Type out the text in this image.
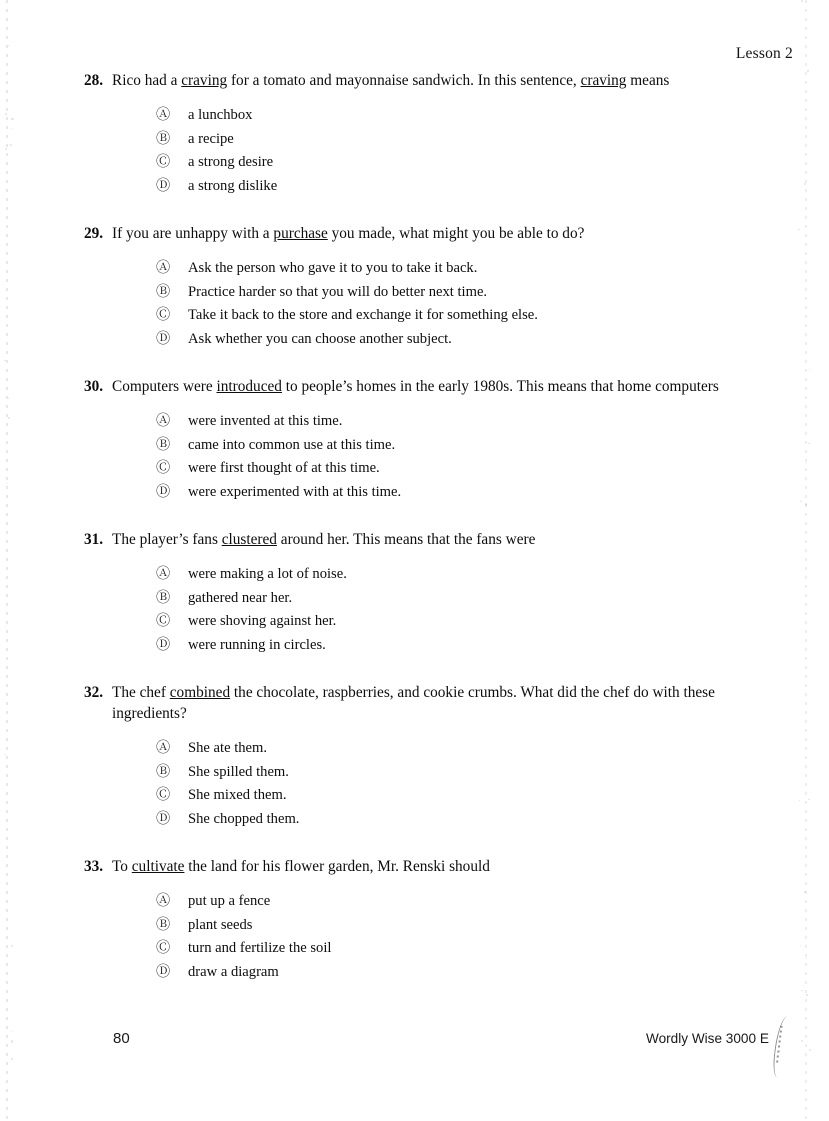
Lesson 2
28. Rico had a craving for a tomato and mayonnaise sandwich. In this sentence, craving means
Ⓐ	a lunchbox
Ⓑ	a recipe
Ⓒ	a strong desire
Ⓓ	a strong dislike
29. If you are unhappy with a purchase you made, what might you be able to do?
Ⓐ	Ask the person who gave it to you to take it back.
Ⓑ	Practice harder so that you will do better next time.
Ⓒ	Take it back to the store and exchange it for something else.
Ⓓ	Ask whether you can choose another subject.
30. Computers were introduced to people’s homes in the early 1980s. This means that home computers
Ⓐ	were invented at this time.
Ⓑ	came into common use at this time.
Ⓒ	were first thought of at this time.
Ⓓ	were experimented with at this time.
31. The player’s fans clustered around her. This means that the fans were
Ⓐ	were making a lot of noise.
Ⓑ	gathered near her.
Ⓒ	were shoving against her.
Ⓓ	were running in circles.
32. The chef combined the chocolate, raspberries, and cookie crumbs. What did the chef do with these ingredients?
Ⓐ	She ate them.
Ⓑ	She spilled them.
Ⓒ	She mixed them.
Ⓓ	She chopped them.
33. To cultivate the land for his flower garden, Mr. Renski should
Ⓐ	put up a fence
Ⓑ	plant seeds
Ⓒ	turn and fertilize the soil
Ⓓ	draw a diagram
80	Wordly Wise 3000 E
